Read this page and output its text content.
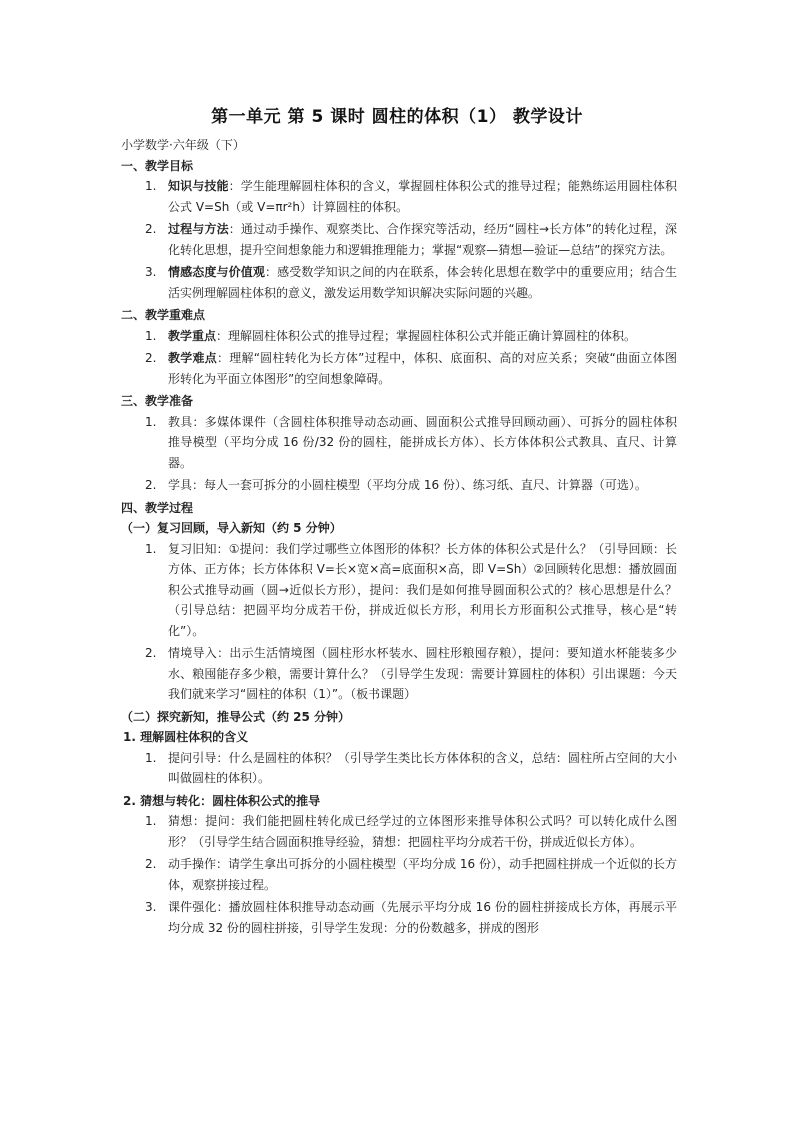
第一单元 第 5 课时 圆柱的体积（1） 教学设计
小学数学·六年级（下）
一、教学目标
1. 知识与技能：学生能理解圆柱体积的含义，掌握圆柱体积公式的推导过程；能熟练运用圆柱体积公式 V=Sh（或 V=πr²h）计算圆柱的体积。
2. 过程与方法：通过动手操作、观察类比、合作探究等活动，经历“圆柱→长方体”的转化过程，深化转化思想，提升空间想象能力和逻辑推理能力；掌握“观察—猜想—验证—总结”的探究方法。
3. 情感态度与价值观：感受数学知识之间的内在联系，体会转化思想在数学中的重要应用；结合生活实例理解圆柱体积的意义，激发运用数学知识解决实际问题的兴趣。
二、教学重难点
1. 教学重点：理解圆柱体积公式的推导过程；掌握圆柱体积公式并能正确计算圆柱的体积。
2. 教学难点：理解“圆柱转化为长方体”过程中，体积、底面积、高的对应关系；突破“曲面立体图形转化为平面立体图形”的空间想象障碍。
三、教学准备
1. 教具：多媒体课件（含圆柱体积推导动态动画、圆面积公式推导回顾动画）、可拆分的圆柱体积推导模型（平均分成 16 份/32 份的圆柱，能拼成长方体）、长方体体积公式教具、直尺、计算器。
2. 学具：每人一套可拆分的小圆柱模型（平均分成 16 份）、练习纸、直尺、计算器（可选）。
四、教学过程
（一）复习回顾，导入新知（约 5 分钟）
1. 复习旧知：①提问：我们学过哪些立体图形的体积？长方体的体积公式是什么？（引导回顾：长方体、正方体；长方体体积 V=长×宽×高=底面积×高，即 V=Sh）②回顾转化思想：播放圆面积公式推导动画（圆→近似长方形），提问：我们是如何推导圆面积公式的？核心思想是什么？（引导总结：把圆平均分成若干份，拼成近似长方形，利用长方形面积公式推导，核心是“转化”）。
2. 情境导入：出示生活情境图（圆柱形水杯装水、圆柱形粮囤存粮），提问：要知道水杯能装多少水、粮囤能存多少粮，需要计算什么？（引导学生发现：需要计算圆柱的体积）引出课题：今天我们就来学习“圆柱的体积（1）”。（板书课题）
（二）探究新知，推导公式（约 25 分钟）
1. 理解圆柱体积的含义
1. 提问引导：什么是圆柱的体积？（引导学生类比长方体体积的含义，总结：圆柱所占空间的大小叫做圆柱的体积）。
2. 猜想与转化：圆柱体积公式的推导
1. 猜想：提问：我们能把圆柱转化成已经学过的立体图形来推导体积公式吗？可以转化成什么图形？（引导学生结合圆面积推导经验，猜想：把圆柱平均分成若干份，拼成近似长方体）。
2. 动手操作：请学生拿出可拆分的小圆柱模型（平均分成 16 份），动手把圆柱拼成一个近似的长方体，观察拼接过程。
3. 课件强化：播放圆柱体积推导动态动画（先展示平均分成 16 份的圆柱拼接成长方体，再展示平均分成 32 份的圆柱拼接，引导学生发现：分的份数越多，拼成的图形
